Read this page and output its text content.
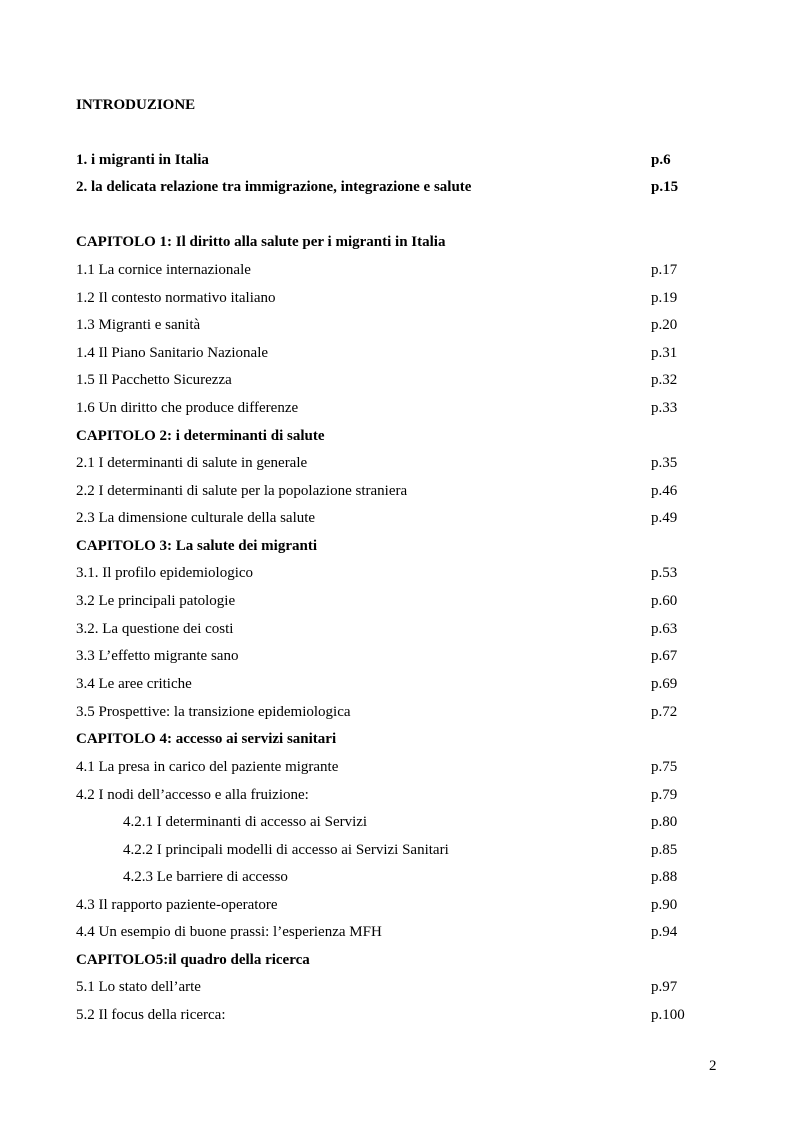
INTRODUZIONE
1. i migranti in Italia	p.6
2. la delicata relazione tra immigrazione, integrazione e salute	p.15
CAPITOLO 1: Il diritto alla salute per i migranti in Italia
1.1 La cornice internazionale	p.17
1.2 Il contesto normativo italiano	p.19
1.3 Migranti e sanità	p.20
1.4 Il Piano Sanitario Nazionale	p.31
1.5 Il Pacchetto Sicurezza	p.32
1.6 Un diritto che produce differenze	p.33
CAPITOLO 2: i determinanti di salute
2.1 I determinanti di salute in generale	p.35
2.2 I determinanti di salute per la popolazione straniera	p.46
2.3 La dimensione culturale della salute	p.49
CAPITOLO 3: La salute dei migranti
3.1. Il profilo epidemiologico	p.53
3.2 Le principali patologie	p.60
3.2. La questione dei costi	p.63
3.3 L’effetto migrante sano	p.67
3.4 Le aree critiche	p.69
3.5 Prospettive: la transizione epidemiologica	p.72
CAPITOLO 4: accesso ai servizi sanitari
4.1 La presa in carico del paziente migrante	p.75
4.2 I nodi dell’accesso e alla fruizione:	p.79
4.2.1 I determinanti di accesso ai Servizi	p.80
4.2.2 I principali modelli di accesso ai Servizi Sanitari	p.85
4.2.3 Le barriere di accesso	p.88
4.3 Il rapporto paziente-operatore	p.90
4.4 Un esempio di buone prassi: l’esperienza MFH	p.94
CAPITOLO5:il quadro della ricerca
5.1 Lo stato dell’arte	p.97
5.2 Il focus della ricerca:	p.100
2
